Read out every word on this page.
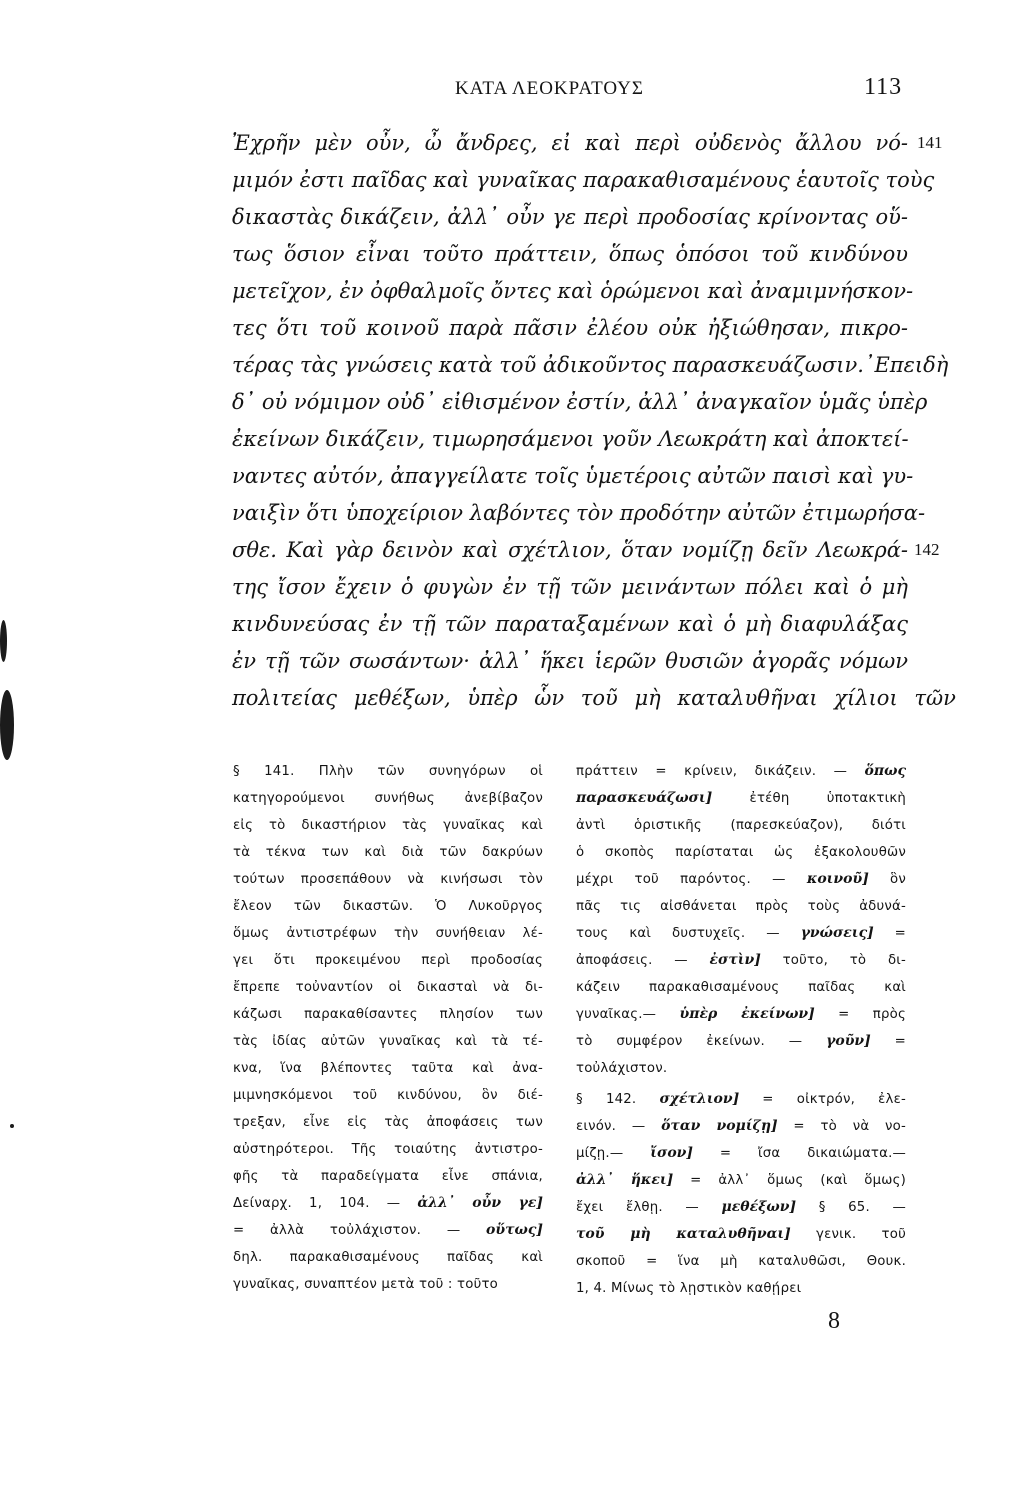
ΚΑΤΑ ΛΕΟΚΡΑΤΟΥΣ	113
Ἐχρῆν μὲν οὖν, ὦ ἄνδρες, εἰ καὶ περὶ οὐδενὸς ἄλλου νό-
μιμόν ἐστι παῖδας καὶ γυναῖκας παρακαθισαμένους ἑαυτοῖς τοὺς
δικαστὰς δικάζειν, ἀλλ᾽ οὖν γε περὶ προδοσίας κρίνοντας οὕ-
τως ὅσιον εἶναι τοῦτο πράττειν, ὅπως ὁπόσοι τοῦ κινδύνου
μετεῖχον, ἐν ὀφθαλμοῖς ὄντες καὶ ὁρώμενοι καὶ ἀναμιμνήσκον-
τες ὅτι τοῦ κοινοῦ παρὰ πᾶσιν ἐλέου οὐκ ἠξιώθησαν, πικρο-
τέρας τὰς γνώσεις κατὰ τοῦ ἀδικοῦντος παρασκευάζωσιν.᾽Επειδὴ
δ᾽ οὐ νόμιμον οὐδ᾽ εἰθισμένον ἐστίν, ἀλλ᾽ ἀναγκαῖον ὑμᾶς ὑπὲρ
ἐκείνων δικάζειν, τιμωρησάμενοι γοῦν Λεωκράτη καὶ ἀποκτεί-
ναντες αὐτόν, ἀπαγγείλατε τοῖς ὑμετέροις αὐτῶν παισὶ καὶ γυ-
ναιξὶν ὅτι ὑποχείριον λαβόντες τὸν προδότην αὐτῶν ἐτιμωρήσα-
σθε. Καὶ γὰρ δεινὸν καὶ σχέτλιον, ὅταν νομίζῃ δεῖν Λεωκρά-
της ἴσον ἔχειν ὁ φυγὼν ἐν τῇ τῶν μεινάντων πόλει καὶ ὁ μὴ
κινδυνεύσας ἐν τῇ τῶν παραταξαμένων καὶ ὁ μὴ διαφυλάξας
ἐν τῇ τῶν σωσάντων· ἀλλ᾽ ἥκει ἱερῶν θυσιῶν ἀγορᾶς νόμων
πολιτείας μεθέξων, ὑπὲρ ὧν τοῦ μὴ καταλυθῆναι χίλιοι τῶν
141
142
§ 141. Πλὴν τῶν συνηγόρων οἱ
κατηγορούμενοι συνήθως ἀνεβίβαζον
εἰς τὸ δικαστήριον τὰς γυναῖκας καὶ
τὰ τέκνα των καὶ διὰ τῶν δακρύων
τούτων προσεπάθουν νὰ κινήσωσι τὸν
ἔλεον τῶν δικαστῶν. Ὁ Λυκοῦργος
ὅμως ἀντιστρέφων τὴν συνήθειαν λέ-
γει ὅτι προκειμένου περὶ προδοσίας
ἔπρεπε τοὐναντίον οἱ δικασταὶ νὰ δι-
κάζωσι παρακαθίσαντες πλησίον των
τὰς ἰδίας αὐτῶν γυναῖκας καὶ τὰ τέ-
κνα, ἵνα βλέποντες ταῦτα καὶ ἀνα-
μιμνησκόμενοι τοῦ κινδύνου, ὃν διέ-
τρεξαν, εἶνε εἰς τὰς ἀποφάσεις των
αὐστηρότεροι. Τῆς τοιαύτης ἀντιστρο-
φῆς τὰ παραδείγματα εἶνε σπάνια,
Δείναρχ. 1, 104. — ἀλλ᾽ οὖν γε]
= ἀλλὰ τοὐλάχιστον. — οὕτως]
δηλ. παρακαθισαμένους παῖδας καὶ
γυναῖκας, συναπτέον μετὰ τοῦ : τοῦτο
πράττειν = κρίνειν, δικάζειν. — ὅπως
παρασκευάζωσι] ἐτέθη ὑποτακτικὴ
ἀντὶ ὁριστικῆς (παρεσκεύαζον), διότι
ὁ σκοπὸς παρίσταται ὡς ἐξακολουθῶν
μέχρι τοῦ παρόντος. — κοινοῦ] ὃν
πᾶς τις αἰσθάνεται πρὸς τοὺς ἀδυνά-
τους καὶ δυστυχεῖς. — γνώσεις] =
ἀποφάσεις. — ἐστὶν] τοῦτο, τὸ δι-
κάζειν παρακαθισαμένους παῖδας καὶ
γυναῖκας.— ὑπὲρ ἐκείνων] = πρὸς
τὸ συμφέρον ἐκείνων. — γοῦν] =
τοὐλάχιστον.
§ 142. σχέτλιον] = οἰκτρόν, ἐλε-
εινόν. — ὅταν νομίζῃ] = τὸ νὰ νο-
μίζῃ.— ἴσον] = ἴσα δικαιώματα.—
ἀλλ᾽ ἥκει] = ἀλλ᾽ ὅμως (καὶ ὅμως)
ἔχει ἔλθῃ. — μεθέξων] § 65. —
τοῦ μὴ καταλυθῆναι] γενικ. τοῦ
σκοποῦ = ἵνα μὴ καταλυθῶσι, Θουκ.
1, 4. Μίνως τὸ λῃστικὸν καθῄρει
8
